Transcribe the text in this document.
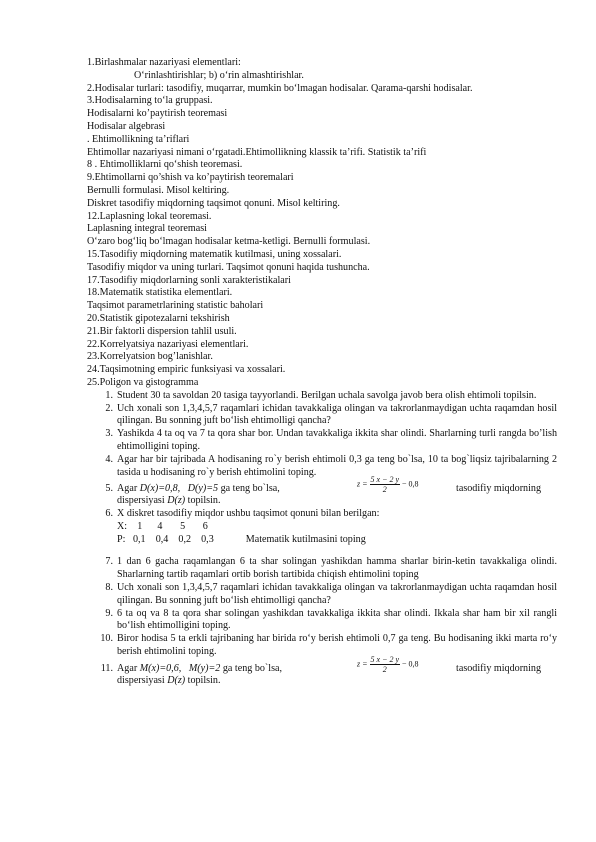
1.Birlashmalar nazariyasi elementlari:
O‘rinlashtirishlar; b) o‘rin almashtirishlar.
2.Hodisalar turlari: tasodifiy, muqarrar, mumkin bo‘lmagan hodisalar. Qarama-qarshi hodisalar.
3.Hodisalarning to‘la gruppasi.
Hodisalarni ko’paytirish teoremasi
Hodisalar algebrasi
. Ehtimollikning ta’riflari
Ehtimollar nazariyasi nimani o‘rgatadi.Ehtimollikning klassik ta’rifi. Statistik ta’rifi
8 . Ehtimolliklarni qo‘shish teoremasi.
9.Ehtimollarni qo’shish va ko’paytirish teoremalari
Bernulli formulasi. Misol keltiring.
Diskret tasodifiy miqdorning taqsimot qonuni. Misol keltiring.
12.Laplasning lokal teoremasi.
Laplasning integral teoremasi
O‘zaro bog‘liq bo‘lmagan hodisalar ketma-ketligi. Bernulli formulasi.
15.Tasodifiy miqdorning matematik kutilmasi, uning xossalari.
Tasodifiy miqdor va uning turlari. Taqsimot qonuni haqida tushuncha.
17.Tasodifiy miqdorlarning sonli xarakteristikalari
18.Matematik statistika elementlari.
Taqsimot parametrlarining statistic baholari
20.Statistik gipotezalarni tekshirish
21.Bir faktorli dispersion tahlil usuli.
22.Korrelyatsiya nazariyasi elementlari.
23.Korrelyatsion bog’lanishlar.
24.Taqsimotning empiric funksiyasi va xossalari.
25.Poligon va gistogramma
1. Student 30 ta savoldan 20 tasiga tayyorlandi. Berilgan uchala savolga javob bera olish ehtimoli topilsin.
2. Uch xonali son 1,3,4,5,7 raqamlari ichidan tavakkaliga olingan va takrorlanmaydigan uchta raqamdan hosil qilingan. Bu sonning juft bo‘lish ehtimolligi qancha?
3. Yashikda 4 ta oq va 7 ta qora shar bor. Undan tavakkaliga ikkita shar olindi. Sharlarning turli rangda bo’lish ehtimolligini toping.
4. Agar har bir tajribada A hodisaning ro`y berish ehtimoli 0,3 ga teng bo`lsa, 10 ta bog`liqsiz tajribalarning 2 tasida u hodisaning ro`y berish ehtimolini toping.
5. Agar D(x)=0,8, D(y)=5 ga teng bo`lsa,	$z = \frac{5 x - 2 y}{2} - 0,8$	tasodifiy miqdorning
dispersiyasi D(z) topilsin.
6. X diskret tasodifiy miqdor ushbu taqsimot qonuni bilan berilgan:
X:    1      4       5       6
P:   0,1    0,4    0,2    0,3	Matematik kutilmasini toping
7. 1 dan 6 gacha raqamlangan 6 ta shar solingan yashikdan hamma sharlar birin-ketin tavakkaliga olindi. Sharlarning tartib raqamlari ortib borish tartibida chiqish ehtimolini toping
8. Uch xonali son 1,3,4,5,7 raqamlari ichidan tavakkaliga olingan va takrorlanmaydigan uchta raqamdan hosil qilingan. Bu sonning juft bo‘lish ehtimolligi qancha?
9. 6 ta oq va 8 ta qora shar solingan yashikdan tavakkaliga ikkita shar olindi. Ikkala shar ham bir xil rangli bo‘lish ehtimolligini toping.
10. Biror hodisa 5 ta erkli tajribaning har birida ro‘y berish ehtimoli 0,7 ga teng. Bu hodisaning ikki marta ro‘y berish ehtimolini toping.
11. Agar M(x)=0,6, M(y)=2 ga teng bo`lsa,	$z = \frac{5 x - 2 y}{2} - 0,8$	tasodifiy miqdorning
dispersiyasi D(z) topilsin.
